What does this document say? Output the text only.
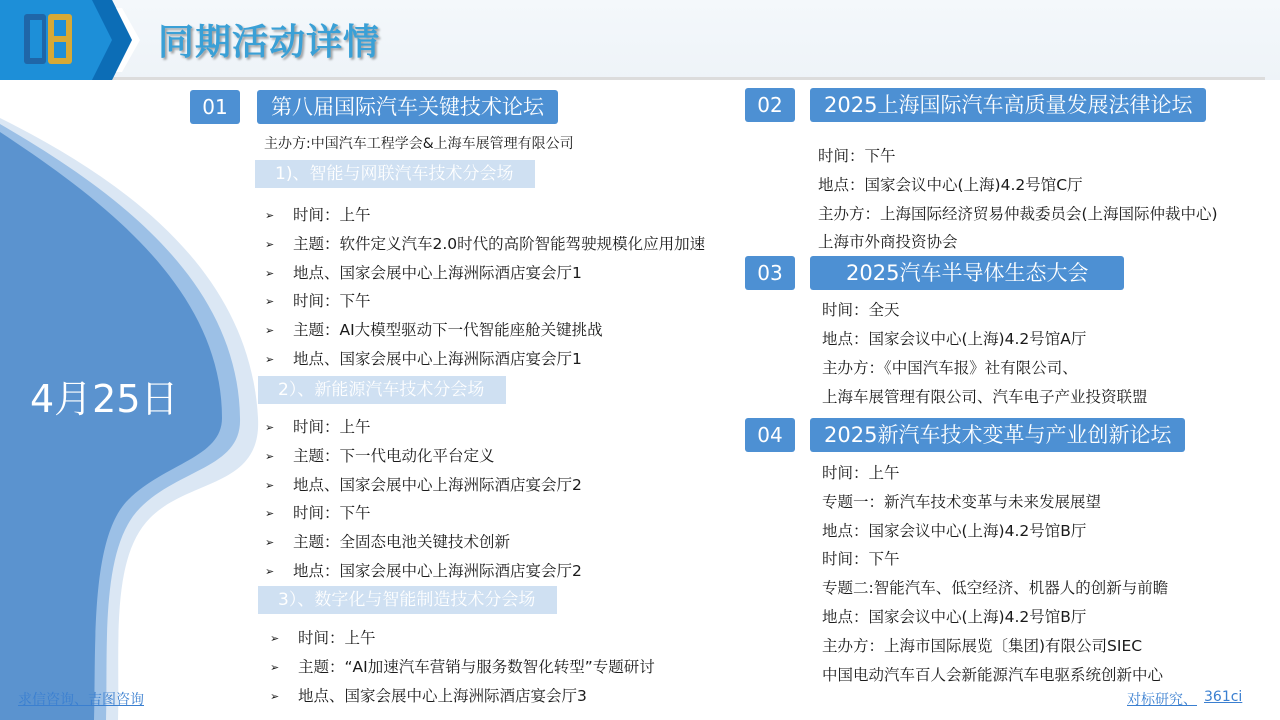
同期活动详情
4月25日
01	第八届国际汽车关键技术论坛
主办方:中国汽车工程学会&上海车展管理有限公司
1)、智能与网联汽车技术分会场
➢ 时间：上午
➢ 主题：软件定义汽车2.0时代的高阶智能驾驶规模化应用加速
➢ 地点、国家会展中心上海洲际酒店宴会厅1
➢ 时间：下午
➢ 主题：AI大模型驱动下一代智能座舱关键挑战
➢ 地点、国家会展中心上海洲际酒店宴会厅1
2）、新能源汽车技术分会场
➢ 时间：上午
➢ 主题：下一代电动化平台定义
➢ 地点、国家会展中心上海洲际酒店宴会厅2
➢ 时间：下午
➢ 主题：全固态电池关键技术创新
➢ 地点：国家会展中心上海洲际酒店宴会厅2
3）、数字化与智能制造技术分会场
➢ 时间：上午
➢ 主题：“AI加速汽车营销与服务数智化转型”专题研讨
➢ 地点、国家会展中心上海洲际酒店宴会厅3
02	2025上海国际汽车高质量发展法律论坛
时间：下午
地点：国家会议中心(上海)4.2号馆C厅
主办方：上海国际经济贸易仲裁委员会(上海国际仲裁中心)
上海市外商投资协会
03	2025汽车半导体生态大会
时间：全天
地点：国家会议中心(上海)4.2号馆A厅
主办方：《中国汽车报》社有限公司、
上海车展管理有限公司、汽车电子产业投资联盟
04	2025新汽车技术变革与产业创新论坛
时间：上午
专题一：新汽车技术变革与未来发展展望
地点：国家会议中心(上海)4.2号馆B厅
时间：下午
专题二:智能汽车、低空经济、机器人的创新与前瞻
地点：国家会议中心(上海)4.2号馆B厅
主办方：上海市国际展览〔集团)有限公司SIEC
中国电动汽车百人会新能源汽车电驱系统创新中心
求信咨询、吉图咨询	对标研究、 361ci
